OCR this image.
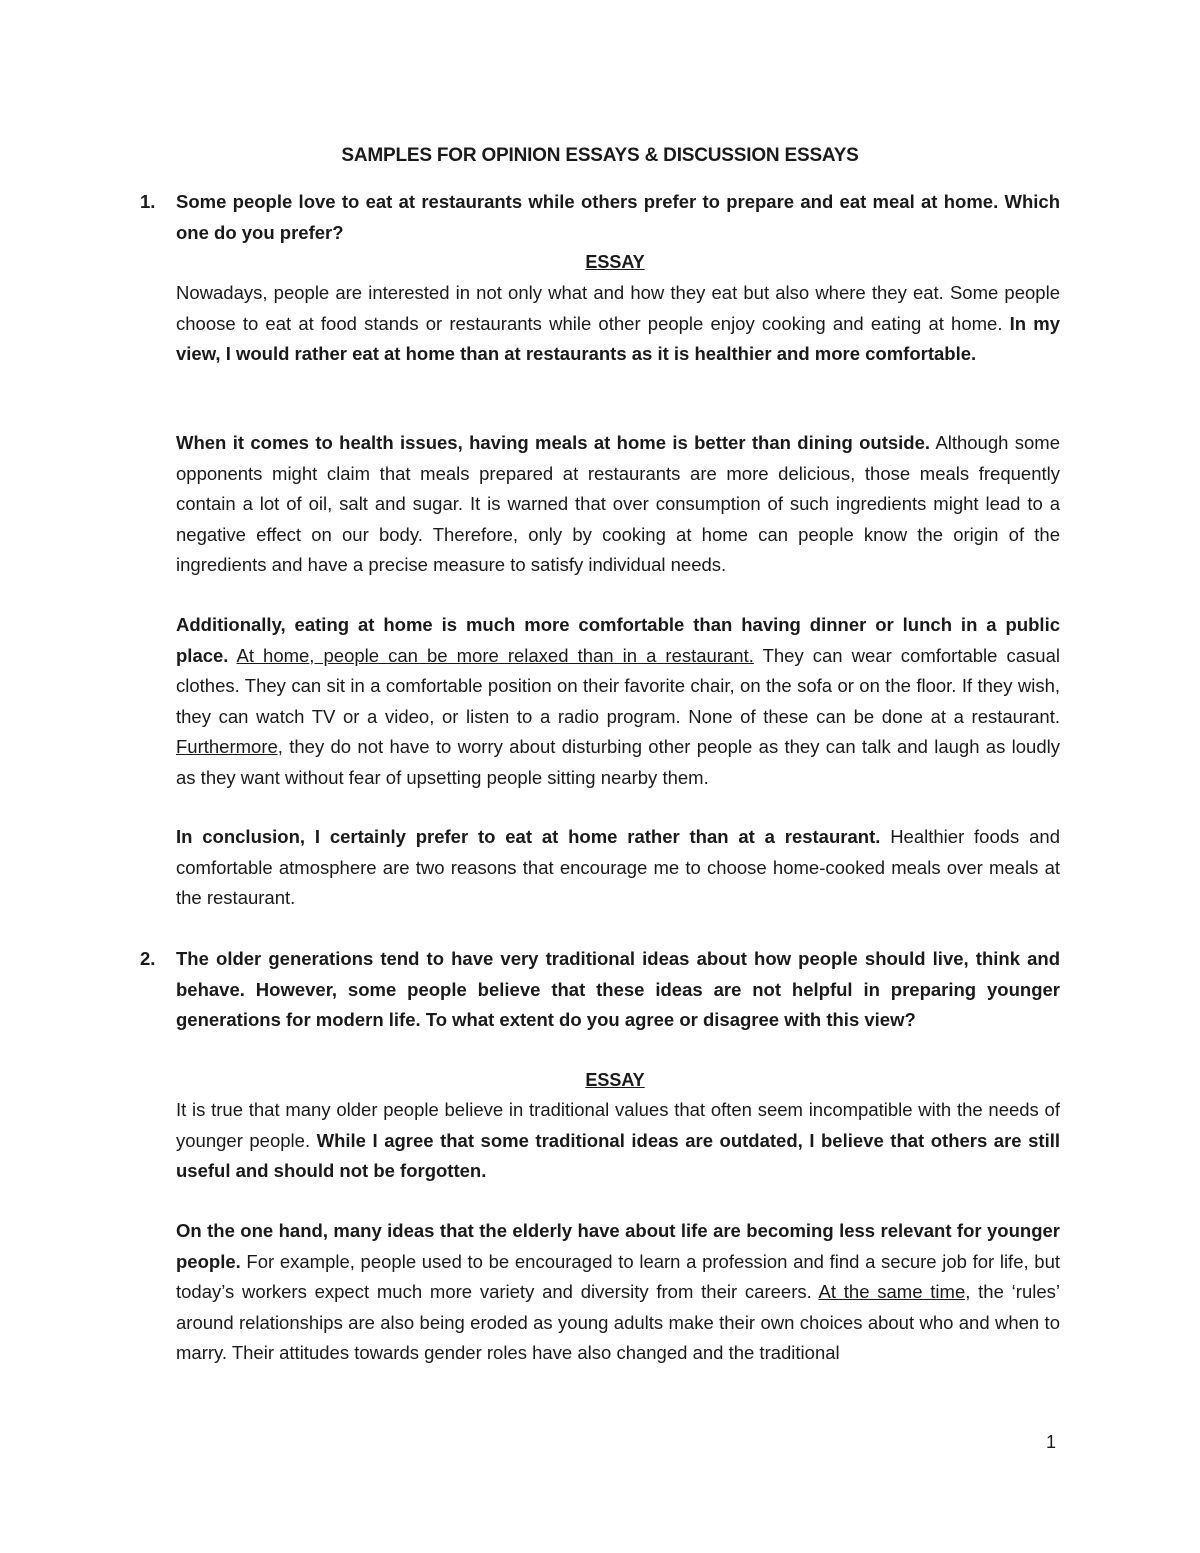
SAMPLES FOR OPINION ESSAYS & DISCUSSION ESSAYS
1. Some people love to eat at restaurants while others prefer to prepare and eat meal at home. Which one do you prefer?
ESSAY
Nowadays, people are interested in not only what and how they eat but also where they eat. Some people choose to eat at food stands or restaurants while other people enjoy cooking and eating at home. In my view, I would rather eat at home than at restaurants as it is healthier and more comfortable.
When it comes to health issues, having meals at home is better than dining outside. Although some opponents might claim that meals prepared at restaurants are more delicious, those meals frequently contain a lot of oil, salt and sugar. It is warned that over consumption of such ingredients might lead to a negative effect on our body. Therefore, only by cooking at home can people know the origin of the ingredients and have a precise measure to satisfy individual needs.
Additionally, eating at home is much more comfortable than having dinner or lunch in a public place. At home, people can be more relaxed than in a restaurant. They can wear comfortable casual clothes. They can sit in a comfortable position on their favorite chair, on the sofa or on the floor. If they wish, they can watch TV or a video, or listen to a radio program. None of these can be done at a restaurant. Furthermore, they do not have to worry about disturbing other people as they can talk and laugh as loudly as they want without fear of upsetting people sitting nearby them.
In conclusion, I certainly prefer to eat at home rather than at a restaurant. Healthier foods and comfortable atmosphere are two reasons that encourage me to choose home-cooked meals over meals at the restaurant.
2. The older generations tend to have very traditional ideas about how people should live, think and behave. However, some people believe that these ideas are not helpful in preparing younger generations for modern life. To what extent do you agree or disagree with this view?
ESSAY
It is true that many older people believe in traditional values that often seem incompatible with the needs of younger people. While I agree that some traditional ideas are outdated, I believe that others are still useful and should not be forgotten.
On the one hand, many ideas that the elderly have about life are becoming less relevant for younger people. For example, people used to be encouraged to learn a profession and find a secure job for life, but today’s workers expect much more variety and diversity from their careers. At the same time, the ‘rules’ around relationships are also being eroded as young adults make their own choices about who and when to marry. Their attitudes towards gender roles have also changed and the traditional
1
